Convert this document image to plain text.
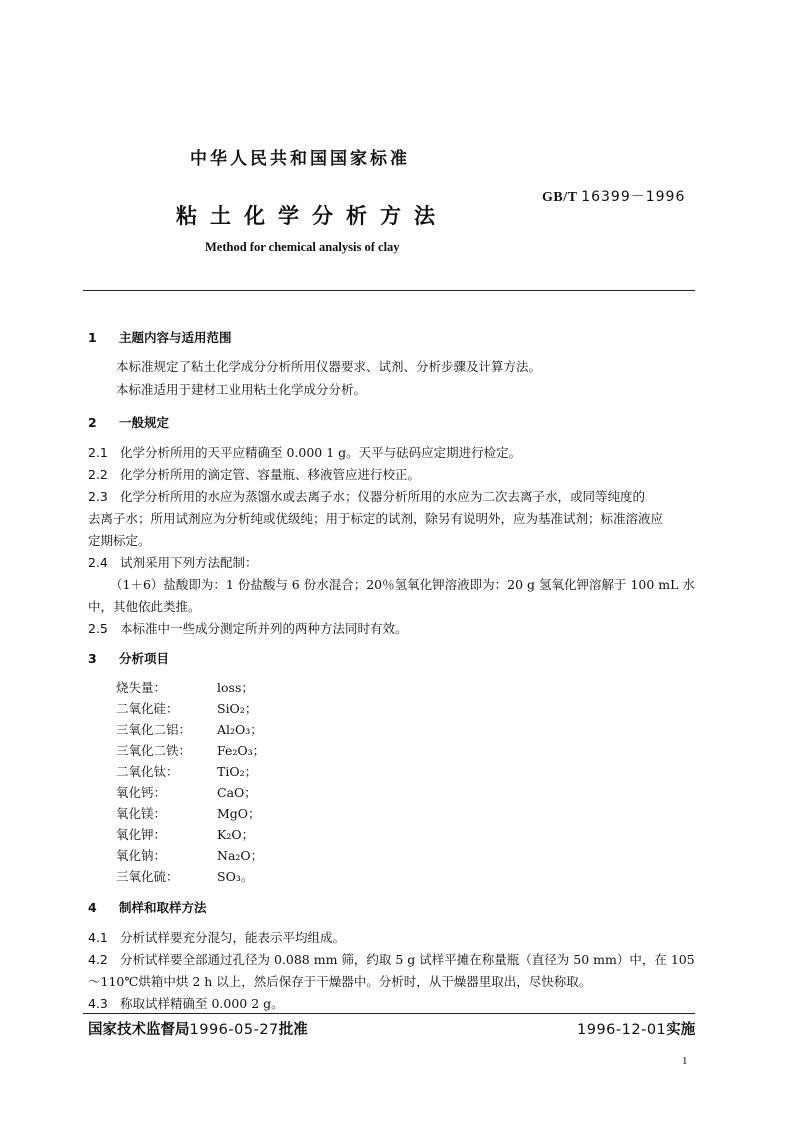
中华人民共和国国家标准
GB/T 16399－1996
粘土化学分析方法
Method for chemical analysis of clay
1 主题内容与适用范围
本标准规定了粘土化学成分分析所用仪器要求、试剂、分析步骤及计算方法。
本标准适用于建材工业用粘土化学成分分析。
2 一般规定
2.1 化学分析所用的天平应精确至 0.000 1 g。天平与砝码应定期进行检定。
2.2 化学分析所用的滴定管、容量瓶、移液管应进行校正。
2.3 化学分析所用的水应为蒸馏水或去离子水；仪器分析所用的水应为二次去离子水，或同等纯度的
去离子水；所用试剂应为分析纯或优级纯；用于标定的试剂，除另有说明外，应为基准试剂；标准溶液应
定期标定。
2.4 试剂采用下列方法配制：
（1＋6）盐酸即为：1 份盐酸与 6 份水混合；20％氢氧化钾溶液即为：20 g 氢氧化钾溶解于 100 mL 水
中，其他依此类推。
2.5 本标准中一些成分测定所并列的两种方法同时有效。
3 分析项目
烧失量：	loss；
二氧化硅：	SiO₂；
三氧化二铝： Al₂O₃；
三氧化二铁： Fe₂O₃；
二氧化钛：	TiO₂；
氧化钙：	CaO；
氧化镁：	MgO；
氧化钾：	K₂O；
氧化钠：	Na₂O；
三氧化硫：	SO₃。
4 制样和取样方法
4.1 分析试样要充分混匀，能表示平均组成。
4.2 分析试样要全部通过孔径为 0.088 mm 筛，约取 5 g 试样平摊在称量瓶（直径为 50 mm）中，在 105
～110℃烘箱中烘 2 h 以上，然后保存于干燥器中。分析时，从干燥器里取出，尽快称取。
4.3 称取试样精确至 0.000 2 g。
国家技术监督局1996-05-27批准	1996-12-01实施
1
